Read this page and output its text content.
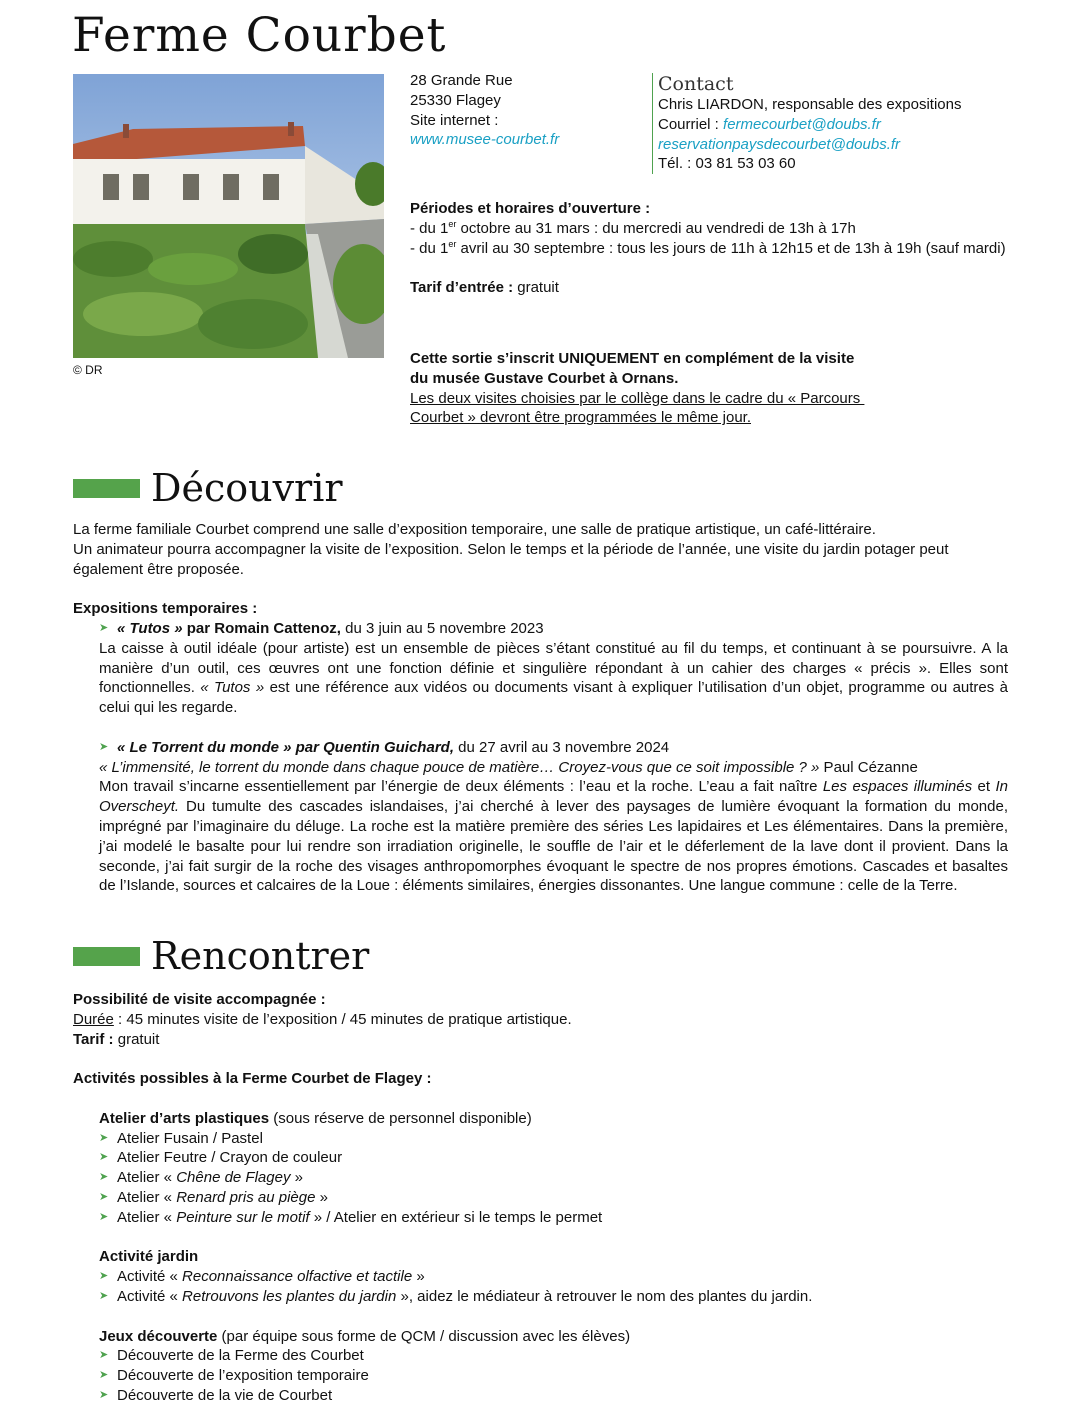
Ferme Courbet
© DR
28 Grande Rue
25330 Flagey
Site internet :
www.musee-courbet.fr
Contact
Chris LIARDON, responsable des expositions
Courriel : fermecourbet@doubs.fr
reservationpaysdecourbet@doubs.fr
Tél. : 03 81 53 03 60
Périodes et horaires d’ouverture :
- du 1er octobre au 31 mars : du mercredi au vendredi de 13h à 17h
- du 1er avril au 30 septembre : tous les jours de 11h à 12h15 et de 13h à 19h (sauf mardi)
Tarif d’entrée : gratuit
Cette sortie s’inscrit UNIQUEMENT en complément de la visite
du musée Gustave Courbet à Ornans.
Les deux visites choisies par le collège dans le cadre du « Parcours
Courbet » devront être programmées le même jour.
Découvrir
La ferme familiale Courbet comprend une salle d’exposition temporaire, une salle de pratique artistique, un café-littéraire.
Un animateur pourra accompagner la visite de l’exposition. Selon le temps et la période de l’année, une visite du jardin potager peut également être proposée.
Expositions temporaires :
➤ « Tutos » par Romain Cattenoz, du 3 juin au 5 novembre 2023
La caisse à outil idéale (pour artiste) est un ensemble de pièces s’étant constitué au fil du temps, et continuant à se poursuivre. A la manière d’un outil, ces œuvres ont une fonction définie et singulière répondant à un cahier des charges « précis ». Elles sont fonctionnelles. « Tutos » est une référence aux vidéos ou documents visant à expliquer l’utilisation d’un objet, programme ou autres à celui qui les regarde.
➤ « Le Torrent du monde » par Quentin Guichard, du 27 avril au 3 novembre 2024
« L’immensité, le torrent du monde dans chaque pouce de matière… Croyez-vous que ce soit impossible ? » Paul Cézanne
Mon travail s’incarne essentiellement par l’énergie de deux éléments : l’eau et la roche. L’eau a fait naître Les espaces illuminés et In Overscheyt. Du tumulte des cascades islandaises, j’ai cherché à lever des paysages de lumière évoquant la formation du monde, imprégné par l’imaginaire du déluge. La roche est la matière première des séries Les lapidaires et Les élémentaires. Dans la première, j’ai modelé le basalte pour lui rendre son irradiation originelle, le souffle de l’air et le déferlement de la lave dont il provient. Dans la seconde, j’ai fait surgir de la roche des visages anthropomorphes évoquant le spectre de nos propres émotions. Cascades et basaltes de l’Islande, sources et calcaires de la Loue : éléments similaires, énergies dissonantes. Une langue commune : celle de la Terre.
Rencontrer
Possibilité de visite accompagnée :
Durée : 45 minutes visite de l’exposition / 45 minutes de pratique artistique.
Tarif : gratuit
Activités possibles à la Ferme Courbet de Flagey :
Atelier d’arts plastiques (sous réserve de personnel disponible)
➤ Atelier Fusain / Pastel
➤ Atelier Feutre / Crayon de couleur
➤ Atelier « Chêne de Flagey »
➤ Atelier « Renard pris au piège »
➤ Atelier « Peinture sur le motif » / Atelier en extérieur si le temps le permet
Activité jardin
➤ Activité « Reconnaissance olfactive et tactile »
➤ Activité « Retrouvons les plantes du jardin », aidez le médiateur à retrouver le nom des plantes du jardin.
Jeux découverte (par équipe sous forme de QCM / discussion avec les élèves)
➤ Découverte de la Ferme des Courbet
➤ Découverte de l’exposition temporaire
➤ Découverte de la vie de Courbet
